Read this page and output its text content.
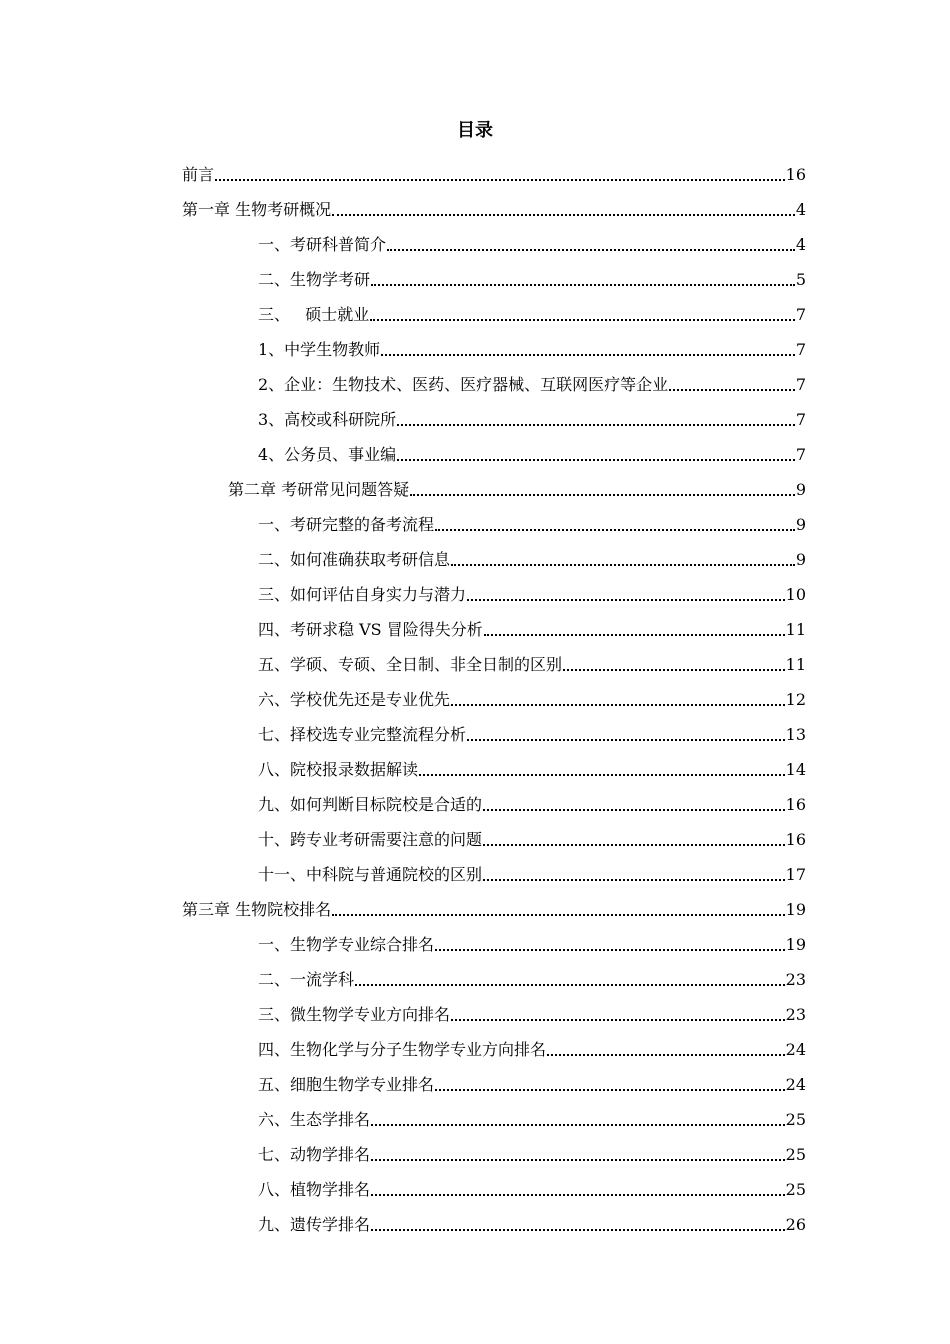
目录
前言	16
第一章 生物考研概况	4
一、考研科普简介	4
二、生物学考研	5
三、   硕士就业	7
1、中学生物教师	7
2、企业：生物技术、医药、医疗器械、互联网医疗等企业	7
3、高校或科研院所	7
4、公务员、事业编	7
第二章 考研常见问题答疑	9
一、考研完整的备考流程	9
二、如何准确获取考研信息	9
三、如何评估自身实力与潜力	10
四、考研求稳 VS 冒险得失分析	11
五、学硕、专硕、全日制、非全日制的区别	11
六、学校优先还是专业优先	12
七、择校选专业完整流程分析	13
八、院校报录数据解读	14
九、如何判断目标院校是合适的	16
十、跨专业考研需要注意的问题	16
十一、中科院与普通院校的区别	17
第三章 生物院校排名	19
一、生物学专业综合排名	19
二、一流学科	23
三、微生物学专业方向排名	23
四、生物化学与分子生物学专业方向排名	24
五、细胞生物学专业排名	24
六、生态学排名	25
七、动物学排名	25
八、植物学排名	25
九、遗传学排名	26
